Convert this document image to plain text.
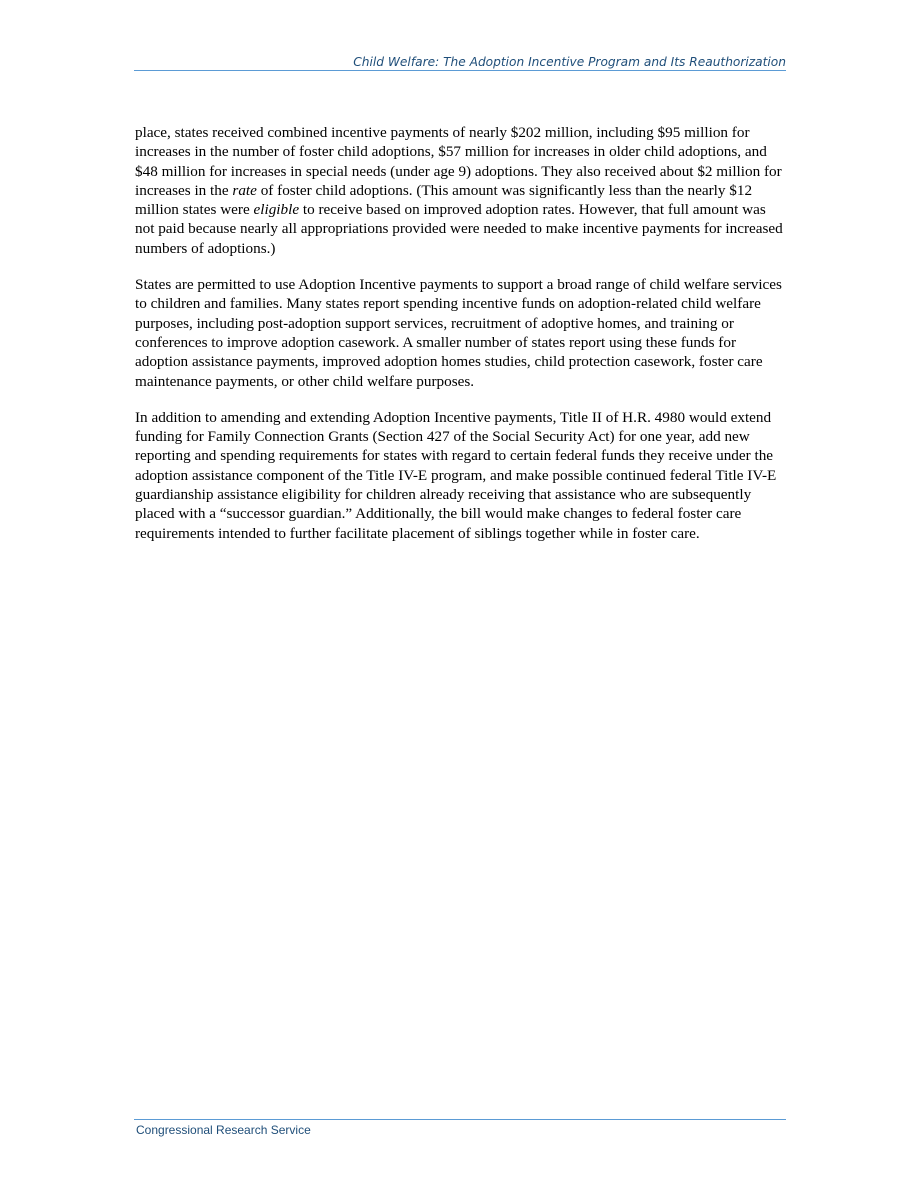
Child Welfare: The Adoption Incentive Program and Its Reauthorization

place, states received combined incentive payments of nearly $202 million, including $95 million for increases in the number of foster child adoptions, $57 million for increases in older child adoptions, and $48 million for increases in special needs (under age 9) adoptions. They also received about $2 million for increases in the rate of foster child adoptions. (This amount was significantly less than the nearly $12 million states were eligible to receive based on improved adoption rates. However, that full amount was not paid because nearly all appropriations provided were needed to make incentive payments for increased numbers of adoptions.)

States are permitted to use Adoption Incentive payments to support a broad range of child welfare services to children and families. Many states report spending incentive funds on adoption-related child welfare purposes, including post-adoption support services, recruitment of adoptive homes, and training or conferences to improve adoption casework. A smaller number of states report using these funds for adoption assistance payments, improved adoption homes studies, child protection casework, foster care maintenance payments, or other child welfare purposes.

In addition to amending and extending Adoption Incentive payments, Title II of H.R. 4980 would extend funding for Family Connection Grants (Section 427 of the Social Security Act) for one year, add new reporting and spending requirements for states with regard to certain federal funds they receive under the adoption assistance component of the Title IV-E program, and make possible continued federal Title IV-E guardianship assistance eligibility for children already receiving that assistance who are subsequently placed with a “successor guardian.” Additionally, the bill would make changes to federal foster care requirements intended to further facilitate placement of siblings together while in foster care.

Congressional Research Service
